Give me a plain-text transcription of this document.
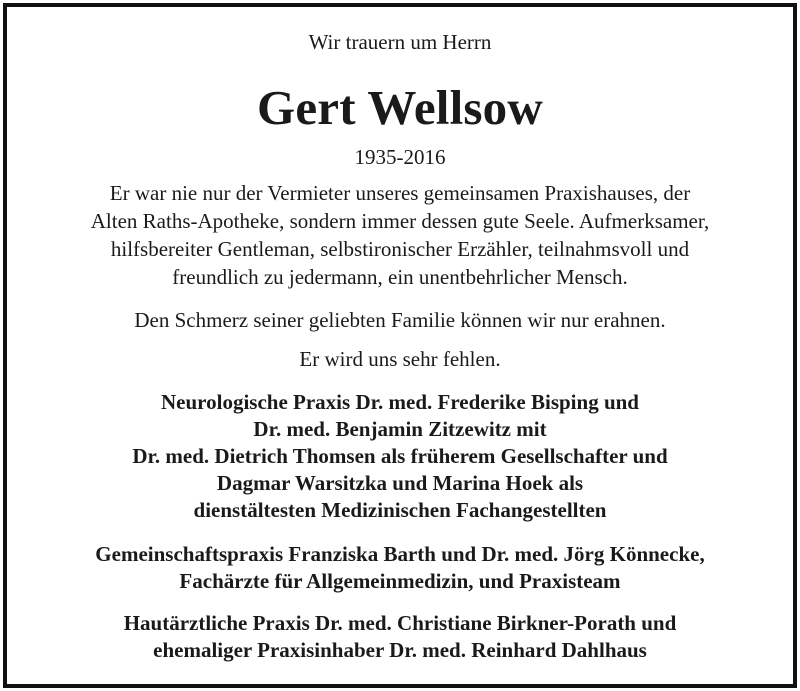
Wir trauern um Herrn
Gert Wellsow
1935-2016
Er war nie nur der Vermieter unseres gemeinsamen Praxishauses, der
Alten Raths-Apotheke, sondern immer dessen gute Seele. Aufmerksamer,
hilfsbereiter Gentleman, selbstironischer Erzähler, teilnahmsvoll und
freundlich zu jedermann, ein unentbehrlicher Mensch.
Den Schmerz seiner geliebten Familie können wir nur erahnen.
Er wird uns sehr fehlen.
Neurologische Praxis Dr. med. Frederike Bisping und
Dr. med. Benjamin Zitzewitz mit
Dr. med. Dietrich Thomsen als früherem Gesellschafter und
Dagmar Warsitzka und Marina Hoek als
dienstältesten Medizinischen Fachangestellten
Gemeinschaftspraxis Franziska Barth und Dr. med. Jörg Könnecke,
Fachärzte für Allgemeinmedizin, und Praxisteam
Hautärztliche Praxis Dr. med. Christiane Birkner-Porath und
ehemaliger Praxisinhaber Dr. med. Reinhard Dahlhaus
